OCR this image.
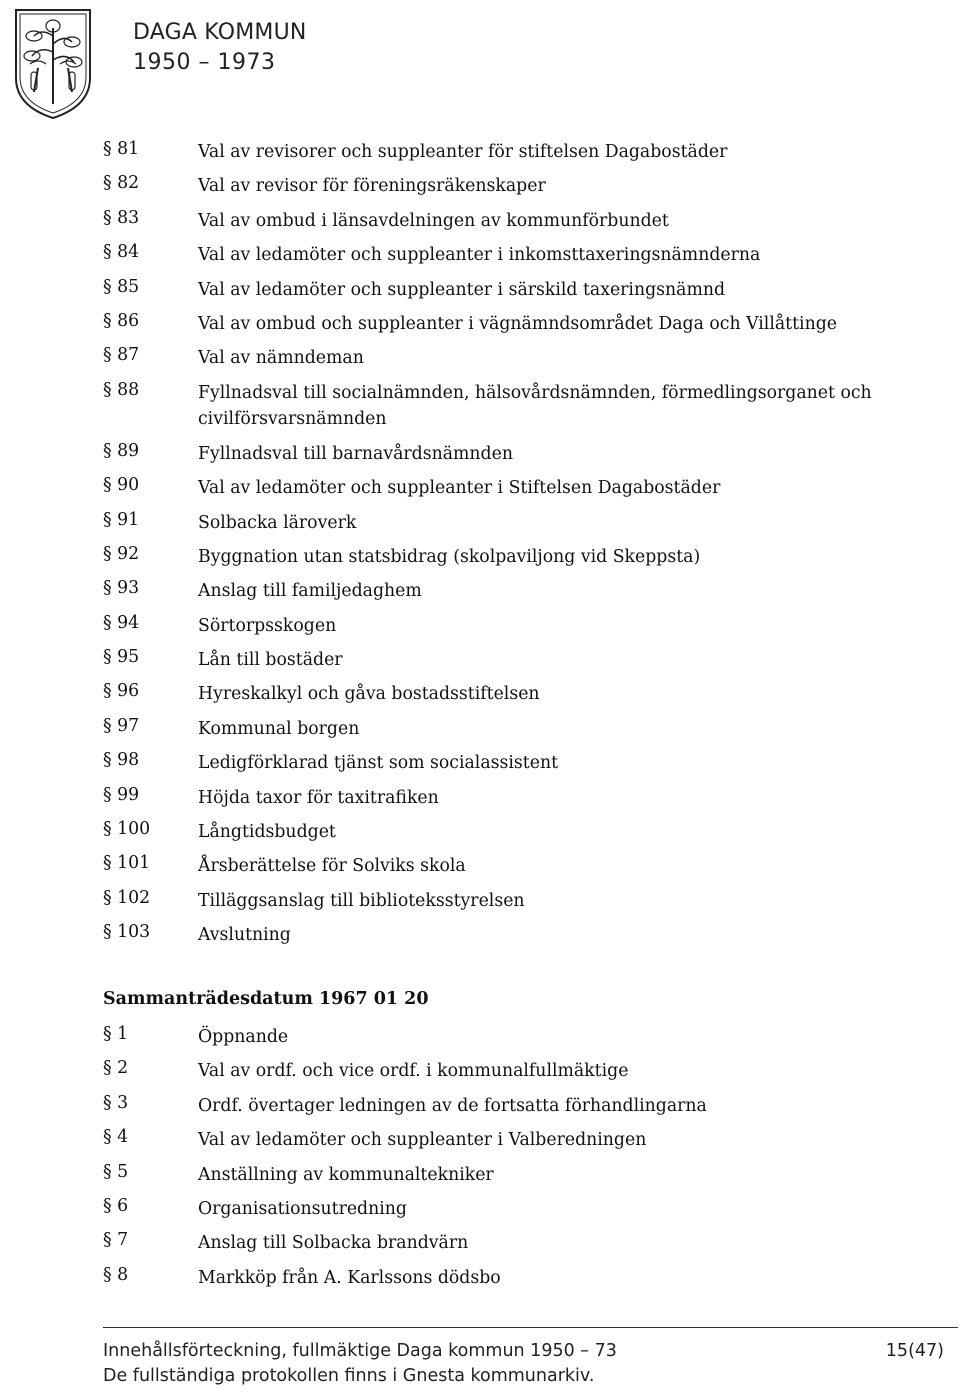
DAGA KOMMUN
1950 – 1973
§ 81	Val av revisorer och suppleanter för stiftelsen Dagabostäder
§ 82	Val av revisor för föreningsräkenskaper
§ 83	Val av ombud i länsavdelningen av kommunförbundet
§ 84	Val av ledamöter och suppleanter i inkomsttaxeringsnämnderna
§ 85	Val av ledamöter och suppleanter i särskild taxeringsnämnd
§ 86	Val av ombud och suppleanter i vägnämndsområdet Daga och Villåttinge
§ 87	Val av nämndeman
§ 88	Fyllnadsval till socialnämnden, hälsovårdsnämnden, förmedlingsorganet och civilförsvarsnämnden
§ 89	Fyllnadsval till barnavårdsnämnden
§ 90	Val av ledamöter och suppleanter i Stiftelsen Dagabostäder
§ 91	Solbacka läroverk
§ 92	Byggnation utan statsbidrag (skolpaviljong vid Skeppsta)
§ 93	Anslag till familjedaghem
§ 94	Sörtorpsskogen
§ 95	Lån till bostäder
§ 96	Hyreskalkyl och gåva bostadsstiftelsen
§ 97	Kommunal borgen
§ 98	Ledigförklarad tjänst som socialassistent
§ 99	Höjda taxor för taxitrafiken
§ 100	Långtidsbudget
§ 101	Årsberättelse för Solviks skola
§ 102	Tilläggsanslag till biblioteksstyrelsen
§ 103	Avslutning
Sammanträdesdatum 1967 01 20
§ 1	Öppnande
§ 2	Val av ordf. och vice ordf. i kommunalfullmäktige
§ 3	Ordf. övertager ledningen av de fortsatta förhandlingarna
§ 4	Val av ledamöter och suppleanter i Valberedningen
§ 5	Anställning av kommunaltekniker
§ 6	Organisationsutredning
§ 7	Anslag till Solbacka brandvärn
§ 8	Markköp från A. Karlssons dödsbo
Innehållsförteckning, fullmäktige Daga kommun 1950 – 73	15(47)
De fullständiga protokollen finns i Gnesta kommunarkiv.
